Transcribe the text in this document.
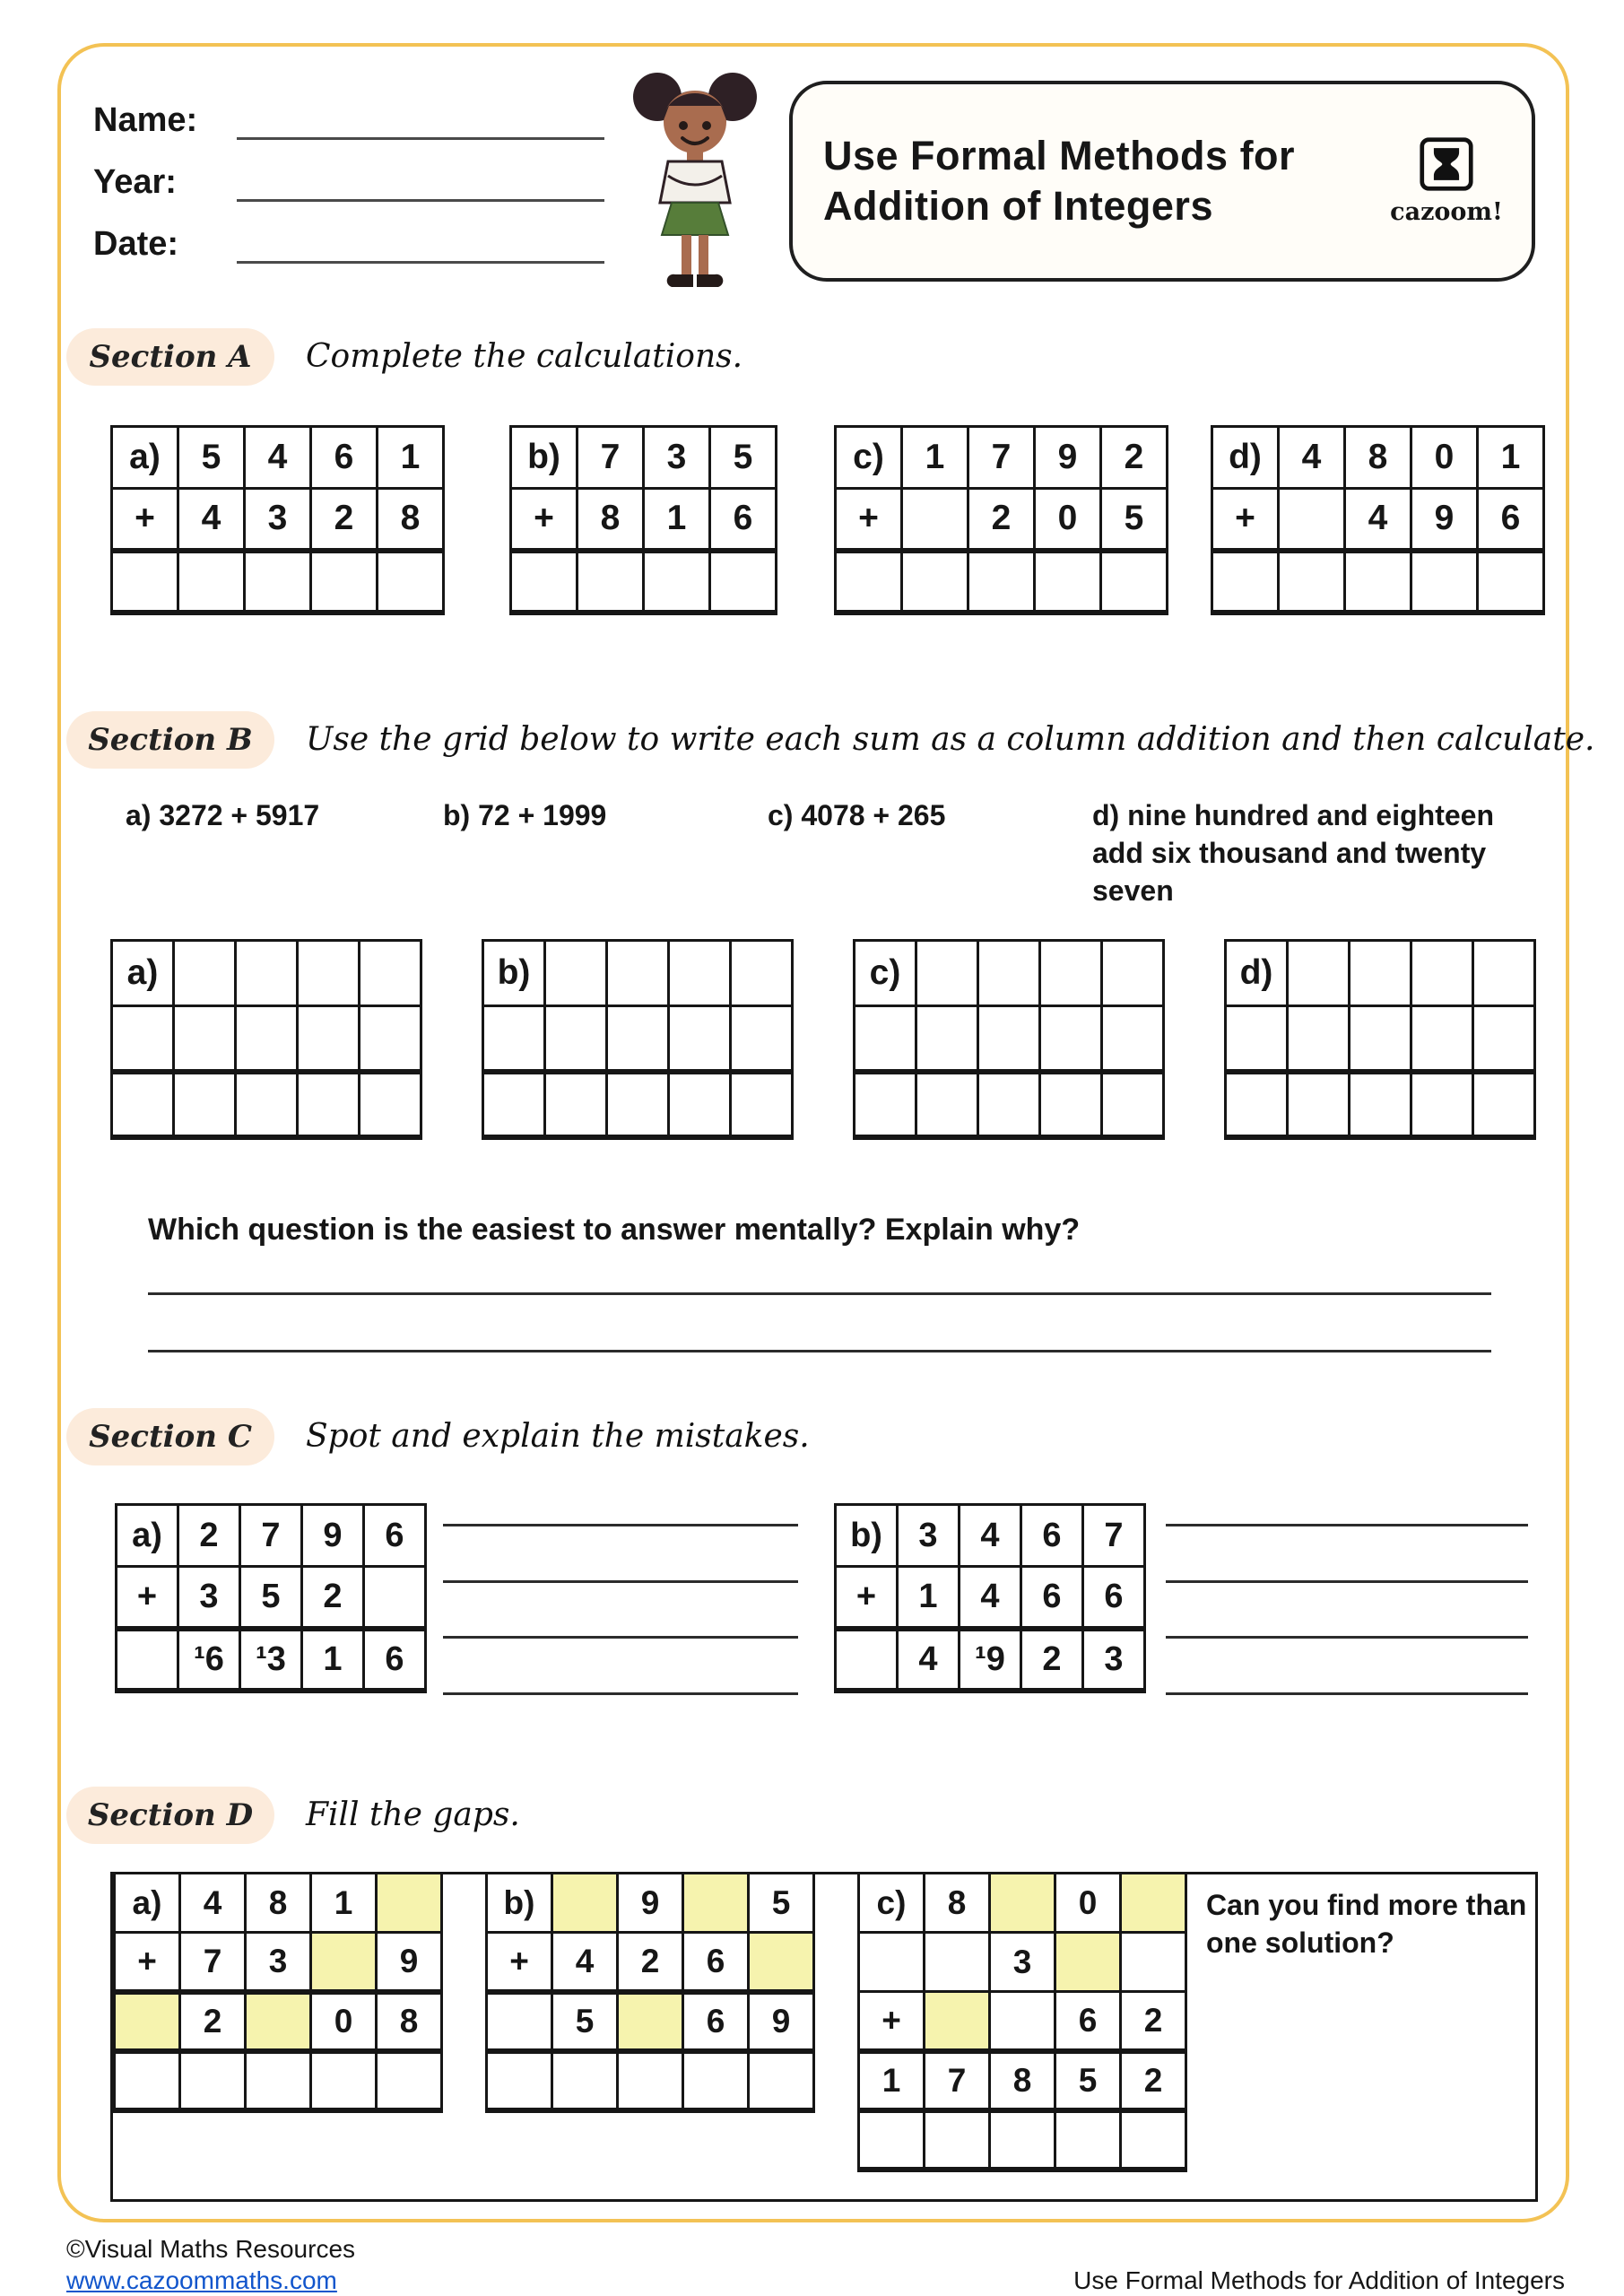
Name:
Year:
Date:
Use Formal Methods for
Addition of Integers	cazoom!
Section A	Complete the calculations.
a)	5	4	6	1
+	4	3	2	8

b)	7	3	5
+	8	1	6

c)	1	7	9	2
+		2	0	5

d)	4	8	0	1
+		4	9	6

Section B	Use the grid below to write each sum as a column addition and then calculate.
a) 3272 + 5917	b) 72 + 1999	c) 4078 + 265	d) nine hundred and eighteen add six thousand and twenty seven
a)				

					b)				

					c)				

					d)				

Which question is the easiest to answer mentally? Explain why?
Section C	Spot and explain the mistakes.
a)	2	7	9	6
+	3	5	2	
	¹6	¹3	1	6
b)	3	4	6	7
+	1	4	6	6
	4	¹9	2	3
Section D	Fill the gaps.
a)	4	8	1	
+	7	3		9
	2		0	8

b)		9		5
+	4	2	6	
	5		6	9

c)	8		0	
		3		
+			6	2
1	7	8	5	2

Can you find more than one solution?
©Visual Maths Resources
www.cazoommaths.com	Use Formal Methods for Addition of Integers
